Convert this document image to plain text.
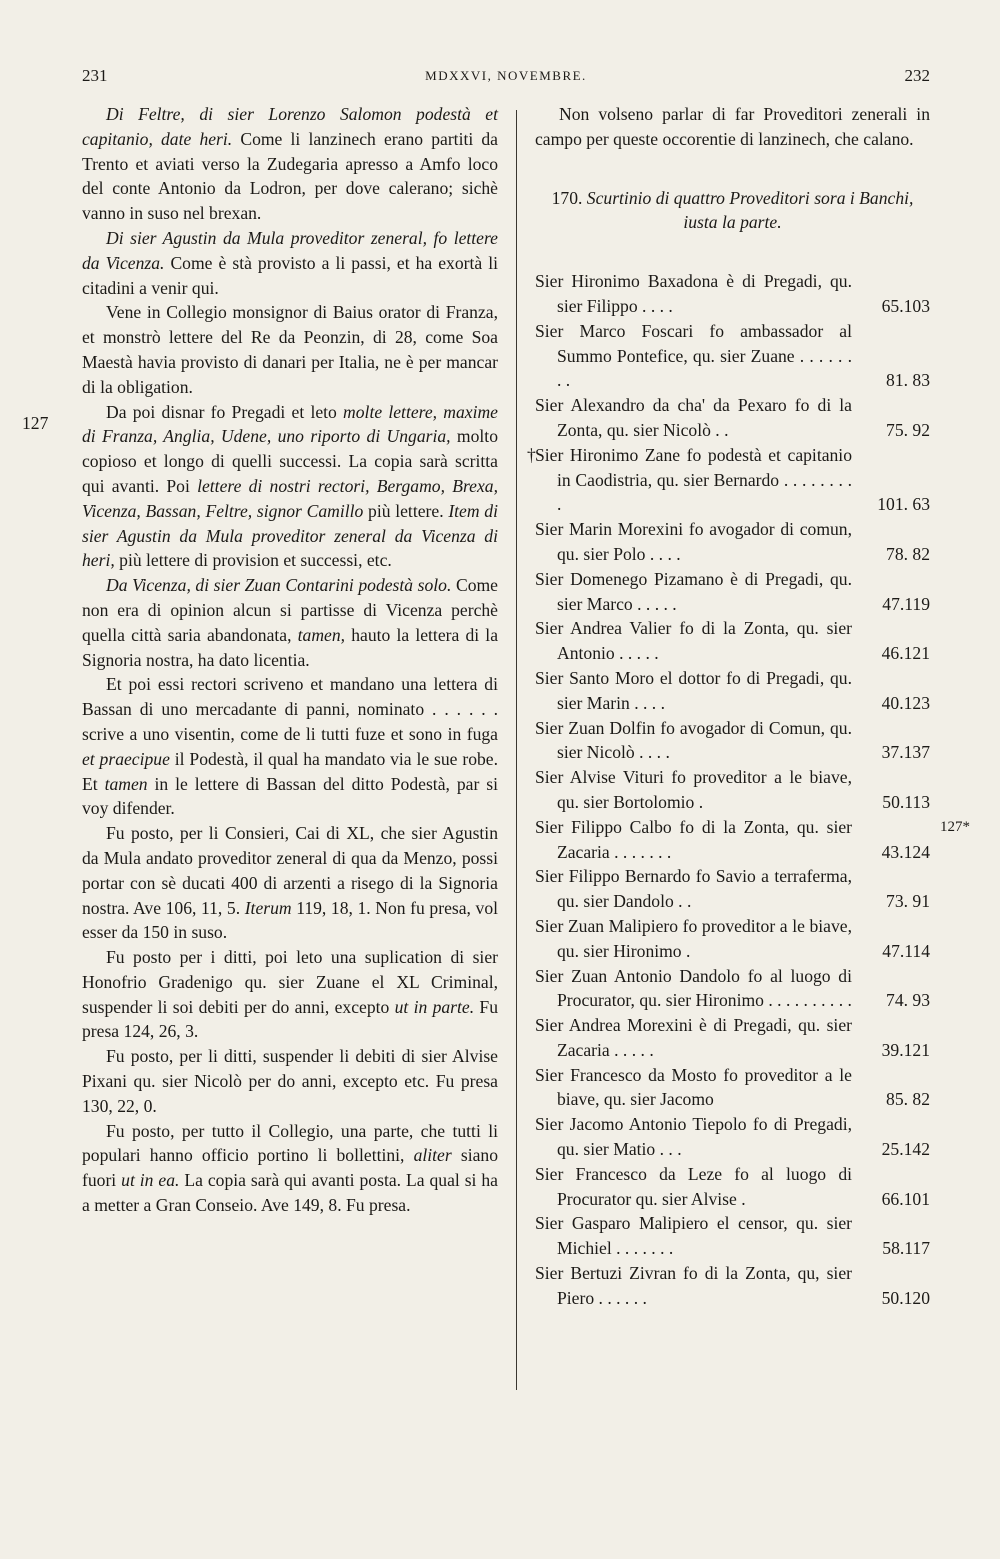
231	MDXXVI, NOVEMBRE.	232
127
127*

Di Feltre, di sier Lorenzo Salomon podestà et capitanio, date heri. Come li lanzinech erano partiti da Trento et aviati verso la Zudegaria apresso a Amfo loco del conte Antonio da Lodron, per dove calerano; sichè vanno in suso nel brexan.

Di sier Agustin da Mula proveditor zeneral, fo lettere da Vicenza. Come è stà provisto a li passi, et ha exortà li citadini a venir qui.

Vene in Collegio monsignor di Baius orator di Franza, et monstrò lettere del Re da Peonzin, di 28, come Soa Maestà havia provisto di danari per Italia, ne è per mancar di la obligation.

Da poi disnar fo Pregadi et leto molte lettere, maxime di Franza, Anglia, Udene, uno riporto di Ungaria, molto copioso et longo di quelli successi. La copia sarà scritta qui avanti. Poi lettere di nostri rectori, Bergamo, Brexa, Vicenza, Bassan, Feltre, signor Camillo più lettere. Item di sier Agustin da Mula proveditor zeneral da Vicenza di heri, più lettere di provision et successi, etc.

Da Vicenza, di sier Zuan Contarini podestà solo. Come non era di opinion alcun si partisse di Vicenza perchè quella città saria abandonata, tamen, hauto la lettera di la Signoria nostra, ha dato licentia.

Et poi essi rectori scriveno et mandano una lettera di Bassan di uno mercadante di panni, nominato . . . . . . scrive a uno visentin, come de li tutti fuze et sono in fuga et praecipue il Podestà, il qual ha mandato via le sue robe. Et tamen in le lettere di Bassan del ditto Podestà, par si voy difender.

Fu posto, per li Consieri, Cai di XL, che sier Agustin da Mula andato proveditor zeneral di qua da Menzo, possi portar con sè ducati 400 di arzenti a risego di la Signoria nostra. Ave 106, 11, 5. Iterum 119, 18, 1. Non fu presa, vol esser da 150 in suso.

Fu posto per i ditti, poi leto una suplication di sier Honofrio Gradenigo qu. sier Zuane el XL Criminal, suspender li soi debiti per do anni, excepto ut in parte. Fu presa 124, 26, 3.

Fu posto, per li ditti, suspender li debiti di sier Alvise Pixani qu. sier Nicolò per do anni, excepto etc. Fu presa 130, 22, 0.

Fu posto, per tutto il Collegio, una parte, che tutti li populari hanno officio portino li bollettini, aliter siano fuori ut in ea. La copia sarà qui avanti posta. La qual si ha a metter a Gran Conseio. Ave 149, 8. Fu presa.

Non volseno parlar di far Proveditori zenerali in campo per queste occorentie di lanzinech, che calano.

170. Scurtinio di quattro Proveditori sora i Banchi, iusta la parte.
Sier Hironimo Baxadona è di Pregadi, qu. sier Filippo . . . .	65.103
Sier Marco Foscari fo ambassador al Summo Pontefice, qu. sier Zuane . . . . . . . .	81. 83
Sier Alexandro da cha' da Pexaro fo di la Zonta, qu. sier Nicolò . .	75. 92
† Sier Hironimo Zane fo podestà et capitanio in Caodistria, qu. sier Bernardo . . . . . . . . .	101. 63
Sier Marin Morexini fo avogador di comun, qu. sier Polo . . . .	78. 82
Sier Domenego Pizamano è di Pregadi, qu. sier Marco . . . . .	47.119
Sier Andrea Valier fo di la Zonta, qu. sier Antonio . . . . .	46.121
Sier Santo Moro el dottor fo di Pregadi, qu. sier Marin . . . .	40.123
Sier Zuan Dolfin fo avogador di Comun, qu. sier Nicolò . . . .	37.137
Sier Alvise Vituri fo proveditor a le biave, qu. sier Bortolomio .	50.113
Sier Filippo Calbo fo di la Zonta, qu. sier Zacaria . . . . . . .	43.124
Sier Filippo Bernardo fo Savio a terraferma, qu. sier Dandolo . .	73. 91
Sier Zuan Malipiero fo proveditor a le biave, qu. sier Hironimo .	47.114
Sier Zuan Antonio Dandolo fo al luogo di Procurator, qu. sier Hironimo . . . . . . . . . . 74. 93
Sier Andrea Morexini è di Pregadi, qu. sier Zacaria . . . . .	39.121
Sier Francesco da Mosto fo proveditor a le biave, qu. sier Jacomo	85. 82
Sier Jacomo Antonio Tiepolo fo di Pregadi, qu. sier Matio . . .	25.142
Sier Francesco da Leze fo al luogo di Procurator qu. sier Alvise .	66.101
Sier Gasparo Malipiero el censor, qu. sier Michiel . . . . . . .	58.117
Sier Bertuzi Zivran fo di la Zonta, qu, sier Piero . . . . . .	50.120
